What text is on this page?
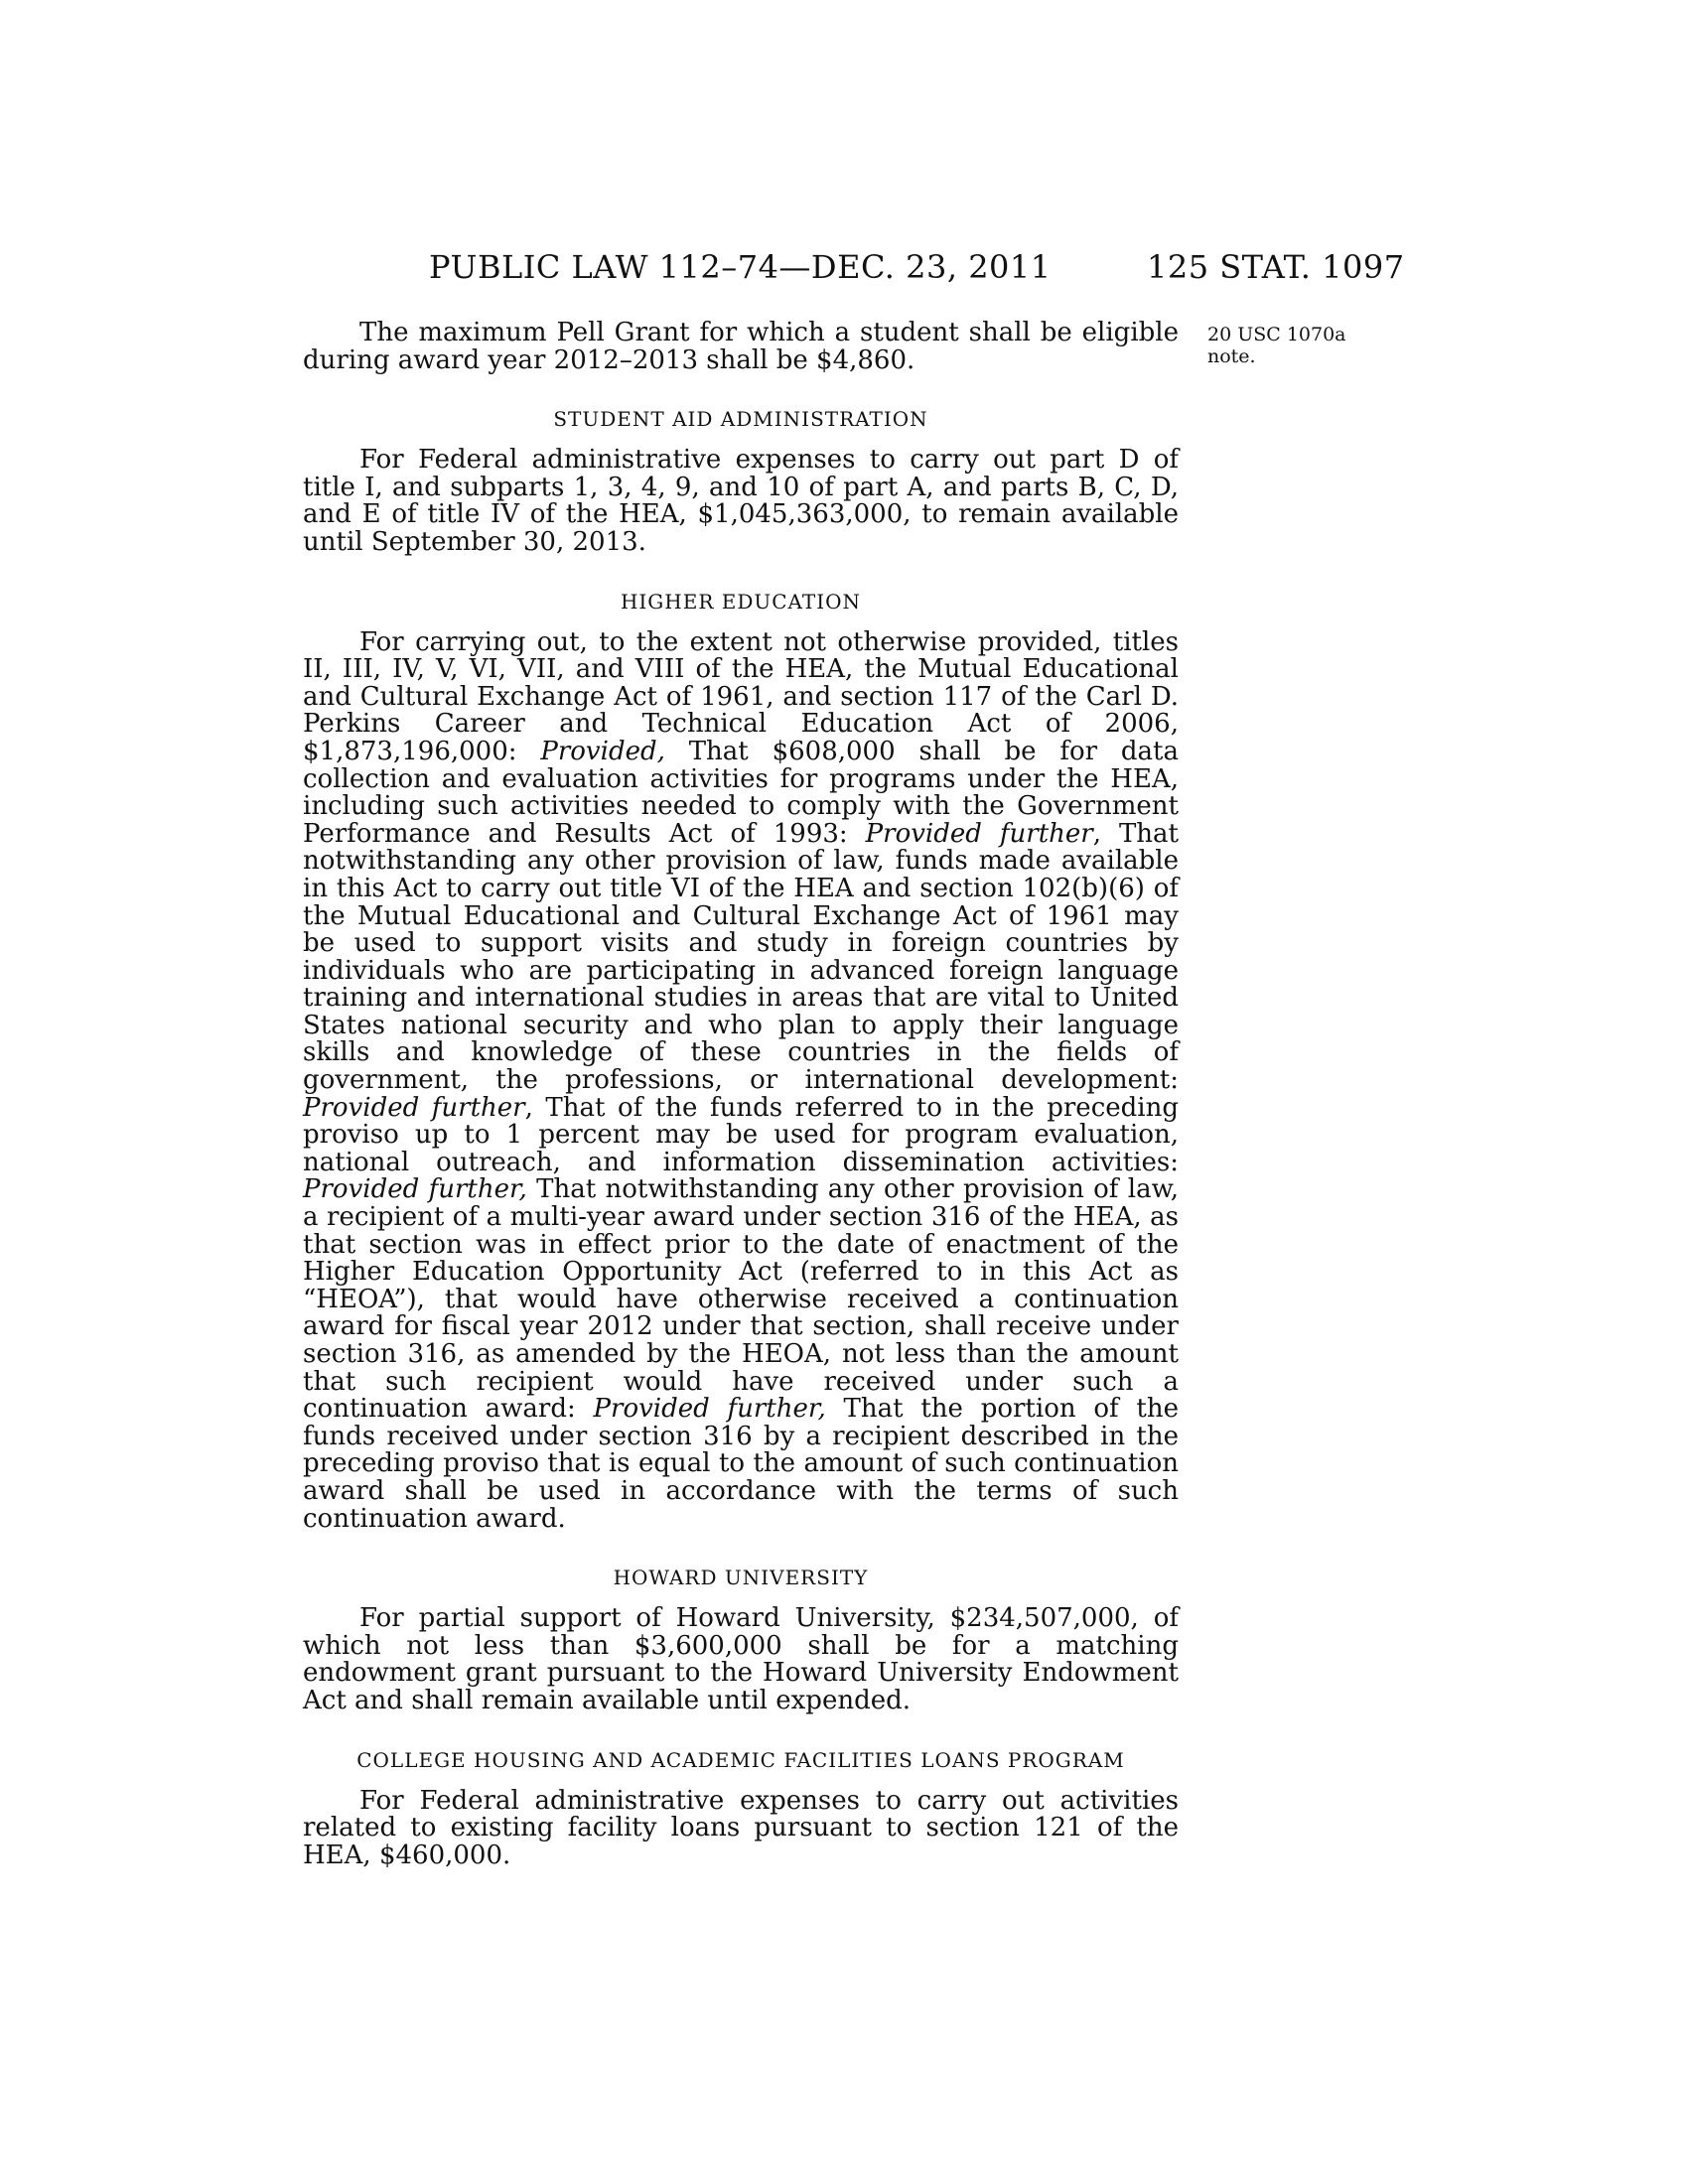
PUBLIC LAW 112–74—DEC. 23, 2011	125 STAT. 1097
20 USC 1070a
note.

The maximum Pell Grant for which a student shall be eligible during award year 2012–2013 shall be $4,860.

STUDENT AID ADMINISTRATION

For Federal administrative expenses to carry out part D of title I, and subparts 1, 3, 4, 9, and 10 of part A, and parts B, C, D, and E of title IV of the HEA, $1,045,363,000, to remain available until September 30, 2013.

HIGHER EDUCATION

For carrying out, to the extent not otherwise provided, titles II, III, IV, V, VI, VII, and VIII of the HEA, the Mutual Educational and Cultural Exchange Act of 1961, and section 117 of the Carl D. Perkins Career and Technical Education Act of 2006, $1,873,196,000: Provided, That $608,000 shall be for data collection and evaluation activities for programs under the HEA, including such activities needed to comply with the Government Performance and Results Act of 1993: Provided further, That notwithstanding any other provision of law, funds made available in this Act to carry out title VI of the HEA and section 102(b)(6) of the Mutual Educational and Cultural Exchange Act of 1961 may be used to support visits and study in foreign countries by individuals who are participating in advanced foreign language training and international studies in areas that are vital to United States national security and who plan to apply their language skills and knowledge of these countries in the fields of government, the professions, or international development: Provided further, That of the funds referred to in the preceding proviso up to 1 percent may be used for program evaluation, national outreach, and information dissemination activities: Provided further, That notwithstanding any other provision of law, a recipient of a multi-year award under section 316 of the HEA, as that section was in effect prior to the date of enactment of the Higher Education Opportunity Act (referred to in this Act as “HEOA”), that would have otherwise received a continuation award for fiscal year 2012 under that section, shall receive under section 316, as amended by the HEOA, not less than the amount that such recipient would have received under such a continuation award: Provided further, That the portion of the funds received under section 316 by a recipient described in the preceding proviso that is equal to the amount of such continuation award shall be used in accordance with the terms of such continuation award.

HOWARD UNIVERSITY

For partial support of Howard University, $234,507,000, of which not less than $3,600,000 shall be for a matching endowment grant pursuant to the Howard University Endowment Act and shall remain available until expended.

COLLEGE HOUSING AND ACADEMIC FACILITIES LOANS PROGRAM

For Federal administrative expenses to carry out activities related to existing facility loans pursuant to section 121 of the HEA, $460,000.
